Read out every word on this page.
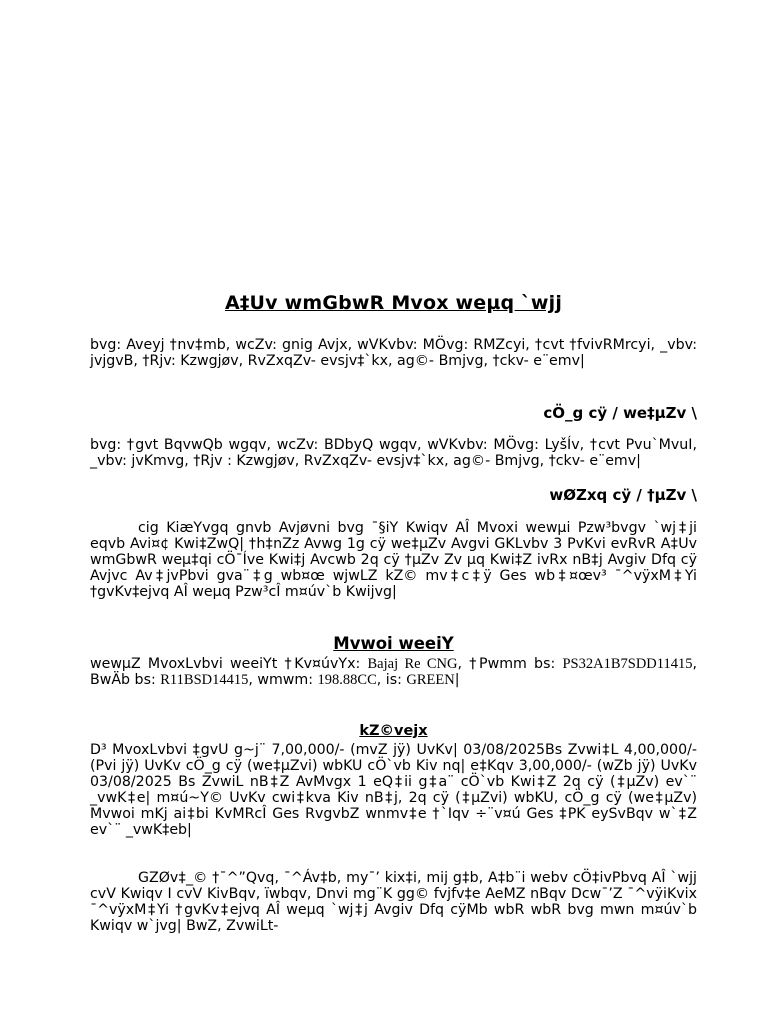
A‡Uv wmGbwR Mvox weµq `wjj

bvg: Aveyj †nv‡mb, wcZv: gnig Avjx, wVKvbv: MÖvg: RMZcyi, †cvt †fvivRMrcyi, _vbv: jvjgvB, †Rjv: Kzwgjøv, RvZxqZv- evsjv‡`kx, ag©- Bmjvg, †ckv- e¨emv|

cÖ_g cÿ / we‡µZv \

bvg: †gvt BqvwQb wgqv, wcZv: BDbyQ wgqv, wVKvbv: MÖvg: LyšÍv, †cvt Pvu`MvuI, _vbv: jvKmvg, †Rjv : Kzwgjøv, RvZxqZv- evsjv‡`kx, ag©- Bmjvg, †ckv- e¨emv|

wØZxq cÿ / †µZv \

cig KiæYvgq gnvb Avjøvni bvg ¯§iY Kwiqv AÎ Mvoxi wewµi Pzw³bvgv `wj‡ji eqvb Avi¤¢ Kwi‡ZwQ| †h‡nZz Avwg 1g cÿ we‡µZv Avgvi GKLvbv 3 PvKvi evRvR A‡Uv wmGbwR weµ‡qi cÖ¯Íve Kwi‡j Avcwb 2q cÿ †µZv Zv µq Kwi‡Z ivRx nB‡j Avgiv Dfq cÿ Avjvc Av‡jvPbvi gva¨‡g wb¤œ wjwLZ kZ© mv‡c‡ÿ Ges wb‡¤œv³ ¯^vÿxM‡Yi †gvKv‡ejvq AÎ weµq Pzw³cÎ m¤úv`b Kwijvg|

Mvwoi weeiY

wewµZ MvoxLvbvi weeiYt †Kv¤úvYx: Bajaj Re CNG, †Pwmm bs: PS32A1B7SDD11415, BwÄb bs: R11BSD14415, wmwm: 198.88CC, is: GREEN|

kZ©vejx

D³ MvoxLvbvi ‡gvU g~j¨ 7,00,000/- (mvZ jÿ) UvKv| 03/08/2025Bs Zvwi‡L 4,00,000/- (Pvi jÿ) UvKv cÖ_g cÿ (we‡µZvi) wbKU cÖ`vb Kiv nq| e‡Kqv 3,00,000/- (wZb jÿ) UvKv 03/08/2025 Bs ZvwiL nB‡Z AvMvgx 1 eQ‡ii g‡a¨ cÖ`vb Kwi‡Z 2q cÿ (‡µZv) ev`¨ _vwK‡e| m¤ú~Y© UvKv cwi‡kva Kiv nB‡j, 2q cÿ (‡µZvi) wbKU, cÖ_g cÿ (we‡µZv) Mvwoi mKj ai‡bi KvMRcÎ Ges RvgvbZ wnmv‡e †`Iqv ÷¨v¤ú Ges ‡PK eySvBqv w`‡Z ev`¨ _vwK‡eb|

GZØv‡_© †¯^”Qvq, ¯^Áv‡b, my¯’ kix‡i, mij g‡b, A‡b¨i webv cÖ‡ivPbvq AÎ `wjj cvV Kwiqv I cvV KivBqv, ïwbqv, Dnvi mg¨K gg© fvjfv‡e AeMZ nBqv Dcw¯’Z ¯^vÿiKvix ¯^vÿxM‡Yi †gvKv‡ejvq AÎ weµq `wj‡j Avgiv Dfq cÿMb wbR wbR bvg mwn m¤úv`b Kwiqv w`jvg| BwZ, ZvwiLt-
